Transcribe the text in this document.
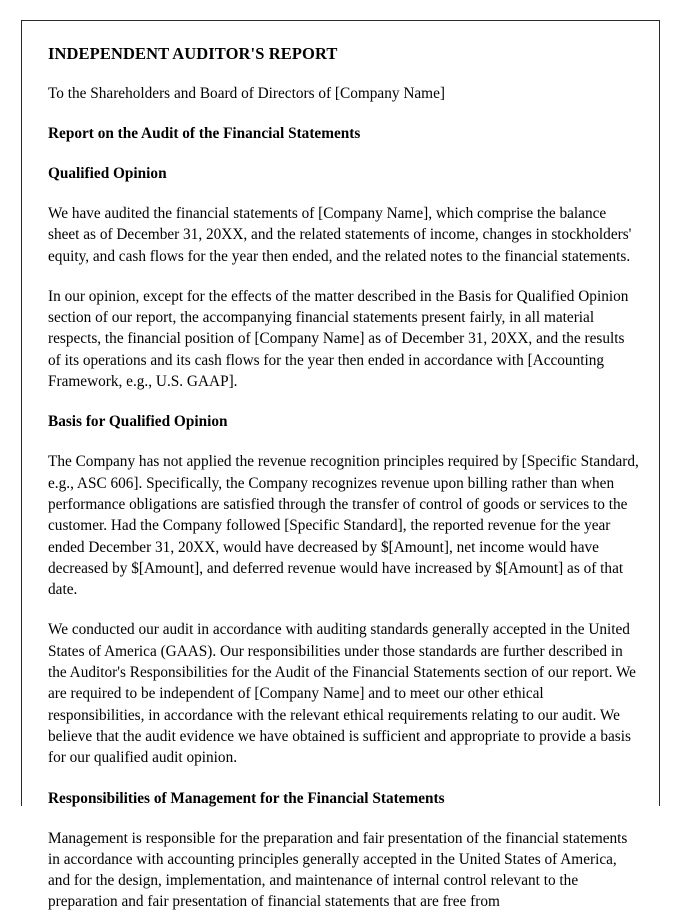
INDEPENDENT AUDITOR'S REPORT

To the Shareholders and Board of Directors of [Company Name]

Report on the Audit of the Financial Statements
Qualified Opinion

We have audited the financial statements of [Company Name], which comprise the balance sheet as of December 31, 20XX, and the related statements of income, changes in stockholders' equity, and cash flows for the year then ended, and the related notes to the financial statements.

In our opinion, except for the effects of the matter described in the Basis for Qualified Opinion section of our report, the accompanying financial statements present fairly, in all material respects, the financial position of [Company Name] as of December 31, 20XX, and the results of its operations and its cash flows for the year then ended in accordance with [Accounting Framework, e.g., U.S. GAAP].

Basis for Qualified Opinion

The Company has not applied the revenue recognition principles required by [Specific Standard, e.g., ASC 606]. Specifically, the Company recognizes revenue upon billing rather than when performance obligations are satisfied through the transfer of control of goods or services to the customer. Had the Company followed [Specific Standard], the reported revenue for the year ended December 31, 20XX, would have decreased by $[Amount], net income would have decreased by $[Amount], and deferred revenue would have increased by $[Amount] as of that date.

We conducted our audit in accordance with auditing standards generally accepted in the United States of America (GAAS). Our responsibilities under those standards are further described in the Auditor's Responsibilities for the Audit of the Financial Statements section of our report. We are required to be independent of [Company Name] and to meet our other ethical responsibilities, in accordance with the relevant ethical requirements relating to our audit. We believe that the audit evidence we have obtained is sufficient and appropriate to provide a basis for our qualified audit opinion.

Responsibilities of Management for the Financial Statements

Management is responsible for the preparation and fair presentation of the financial statements in accordance with accounting principles generally accepted in the United States of America, and for the design, implementation, and maintenance of internal control relevant to the preparation and fair presentation of financial statements that are free from
